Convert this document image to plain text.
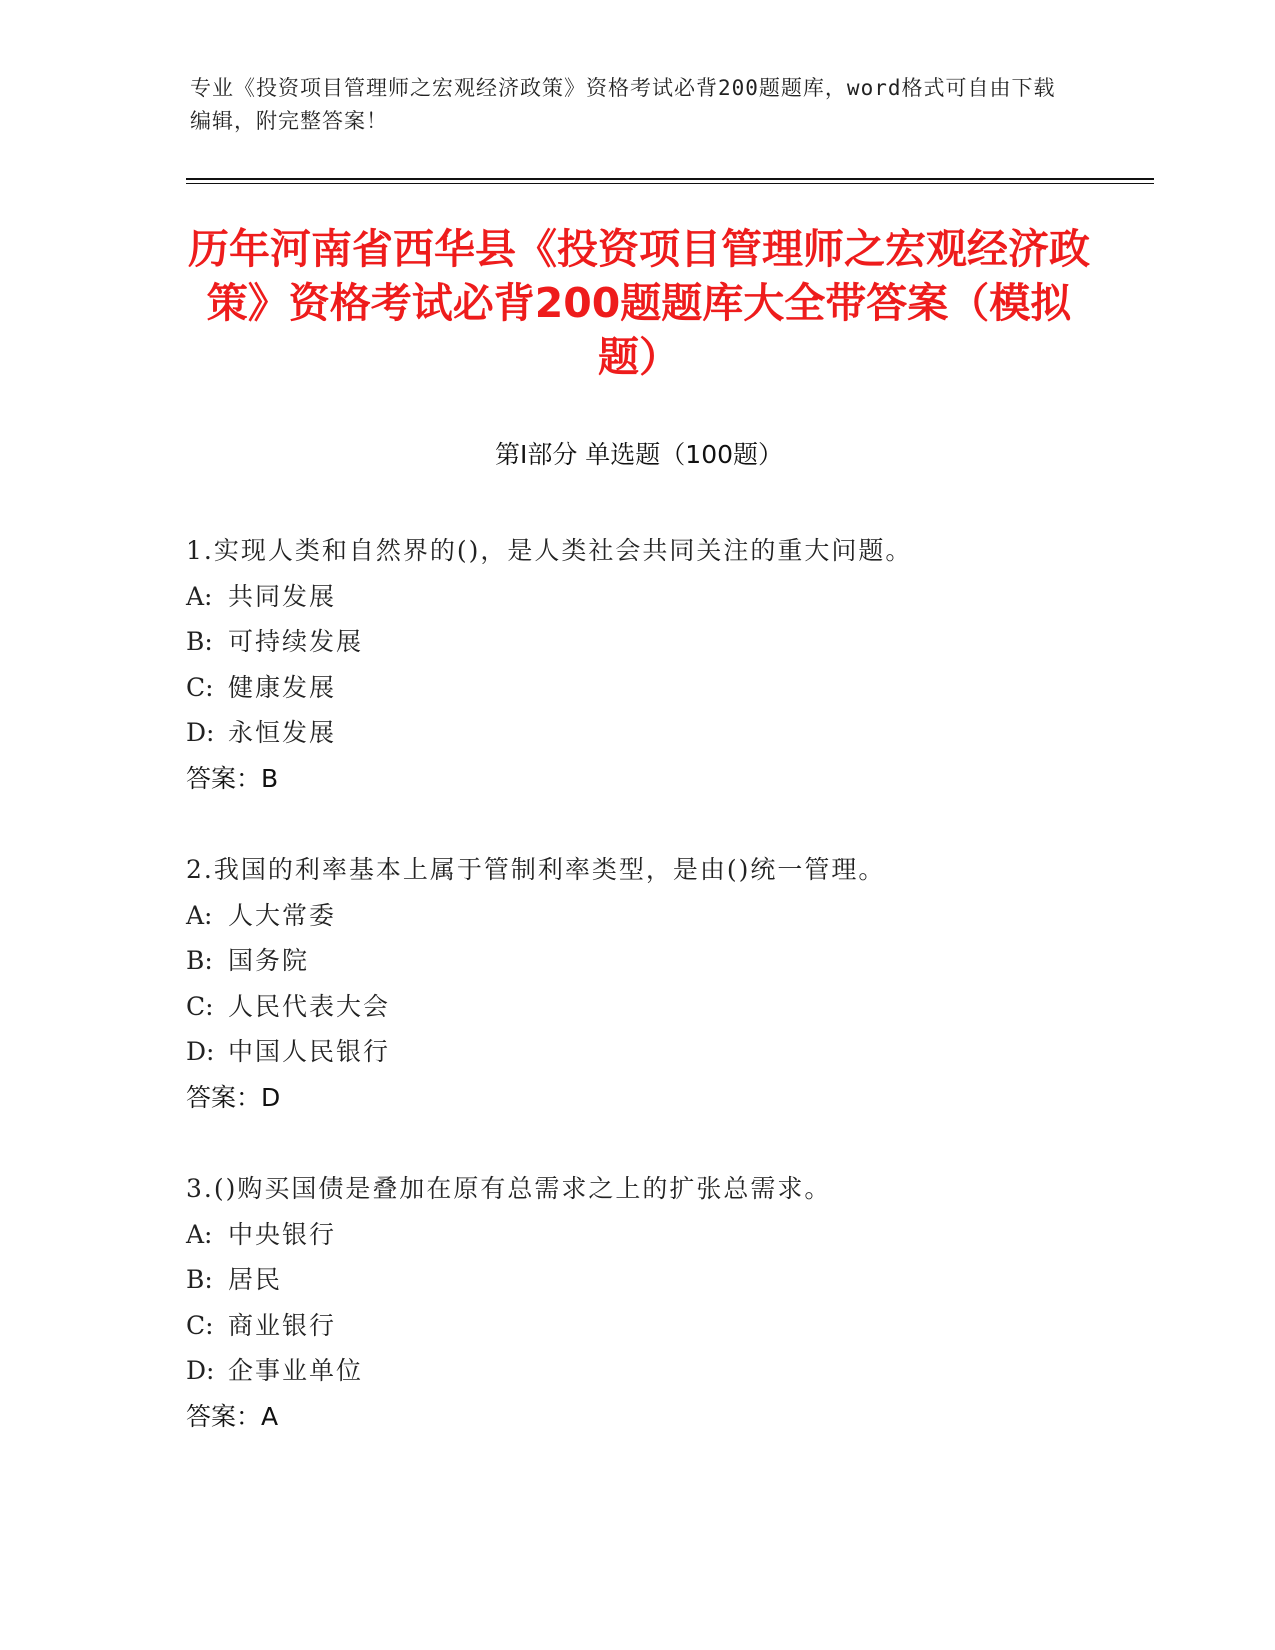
专业《投资项目管理师之宏观经济政策》资格考试必背200题题库，word格式可自由下载编辑，附完整答案！
历年河南省西华县《投资项目管理师之宏观经济政策》资格考试必背200题题库大全带答案（模拟题）
第I部分 单选题（100题）
1.实现人类和自然界的()，是人类社会共同关注的重大问题。
A: 共同发展
B: 可持续发展
C: 健康发展
D: 永恒发展
答案：B
2.我国的利率基本上属于管制利率类型，是由()统一管理。
A: 人大常委
B: 国务院
C: 人民代表大会
D: 中国人民银行
答案：D
3.()购买国债是叠加在原有总需求之上的扩张总需求。
A: 中央银行
B: 居民
C: 商业银行
D: 企事业单位
答案：A
